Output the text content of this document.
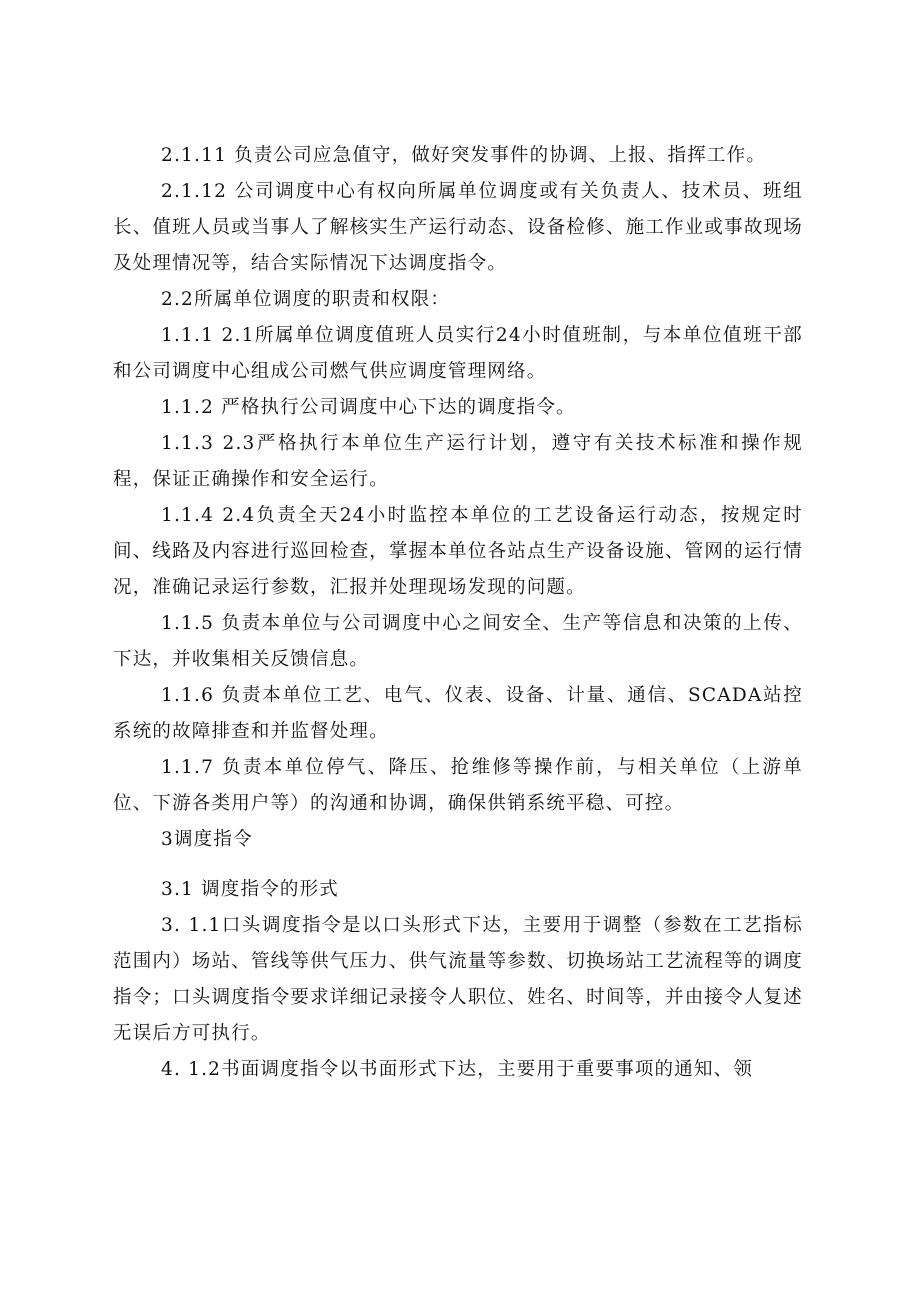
2.1.11 负责公司应急值守，做好突发事件的协调、上报、指挥工作。

2.1.12 公司调度中心有权向所属单位调度或有关负责人、技术员、班组长、值班人员或当事人了解核实生产运行动态、设备检修、施工作业或事故现场及处理情况等，结合实际情况下达调度指令。

2.2所属单位调度的职责和权限：

1.1.1 2.1所属单位调度值班人员实行24小时值班制，与本单位值班干部和公司调度中心组成公司燃气供应调度管理网络。

1.1.2 严格执行公司调度中心下达的调度指令。

1.1.3 2.3严格执行本单位生产运行计划，遵守有关技术标准和操作规程，保证正确操作和安全运行。

1.1.4 2.4负责全天24小时监控本单位的工艺设备运行动态，按规定时间、线路及内容进行巡回检查，掌握本单位各站点生产设备设施、管网的运行情况，准确记录运行参数，汇报并处理现场发现的问题。

1.1.5 负责本单位与公司调度中心之间安全、生产等信息和决策的上传、下达，并收集相关反馈信息。

1.1.6 负责本单位工艺、电气、仪表、设备、计量、通信、SCADA站控系统的故障排查和并监督处理。

1.1.7 负责本单位停气、降压、抢维修等操作前，与相关单位（上游单位、下游各类用户等）的沟通和协调，确保供销系统平稳、可控。

3调度指令

3.1 调度指令的形式

3. 1.1口头调度指令是以口头形式下达，主要用于调整（参数在工艺指标范围内）场站、管线等供气压力、供气流量等参数、切换场站工艺流程等的调度指令；口头调度指令要求详细记录接令人职位、姓名、时间等，并由接令人复述无误后方可执行。

4. 1.2书面调度指令以书面形式下达，主要用于重要事项的通知、领
